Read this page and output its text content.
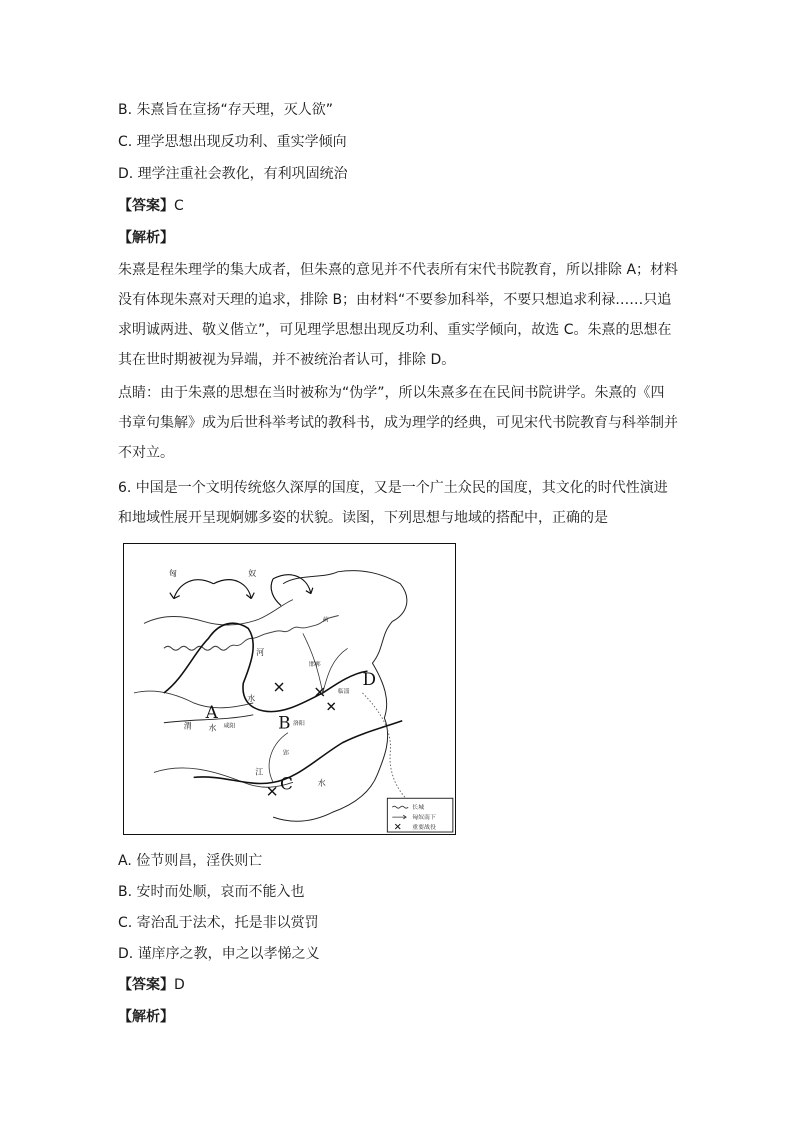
B. 朱熹旨在宣扬“存天理，灭人欲”
C. 理学思想出现反功利、重实学倾向
D. 理学注重社会教化，有利巩固统治
【答案】C
【解析】
朱熹是程朱理学的集大成者，但朱熹的意见并不代表所有宋代书院教育，所以排除 A；材料
没有体现朱熹对天理的追求，排除 B；由材料“不要参加科举，不要只想追求利禄……只追
求明诚两进、敬义偕立”，可见理学思想出现反功利、重实学倾向，故选 C。朱熹的思想在
其在世时期被视为异端，并不被统治者认可，排除 D。
点睛：由于朱熹的思想在当时被称为“伪学”，所以朱熹多在在民间书院讲学。朱熹的《四
书章句集解》成为后世科举考试的教科书，成为理学的经典，可见宋代书院教育与科举制并
不对立。
6. 中国是一个文明传统悠久深厚的国度，又是一个广土众民的国度，其文化的时代性演进
和地域性展开呈现婀娜多姿的状貌。读图，下列思想与地域的搭配中，正确的是
A
B
C
D
匈	奴
河
水
渭 水
江
水
咸阳	洛阳
邯郸
蓟
临淄
郢
长城
匈奴南下
重要战役
A. 俭节则昌，淫佚则亡
B. 安时而处顺，哀而不能入也
C. 寄治乱于法术，托是非以赏罚
D. 谨庠序之教，申之以孝悌之义
【答案】D
【解析】
